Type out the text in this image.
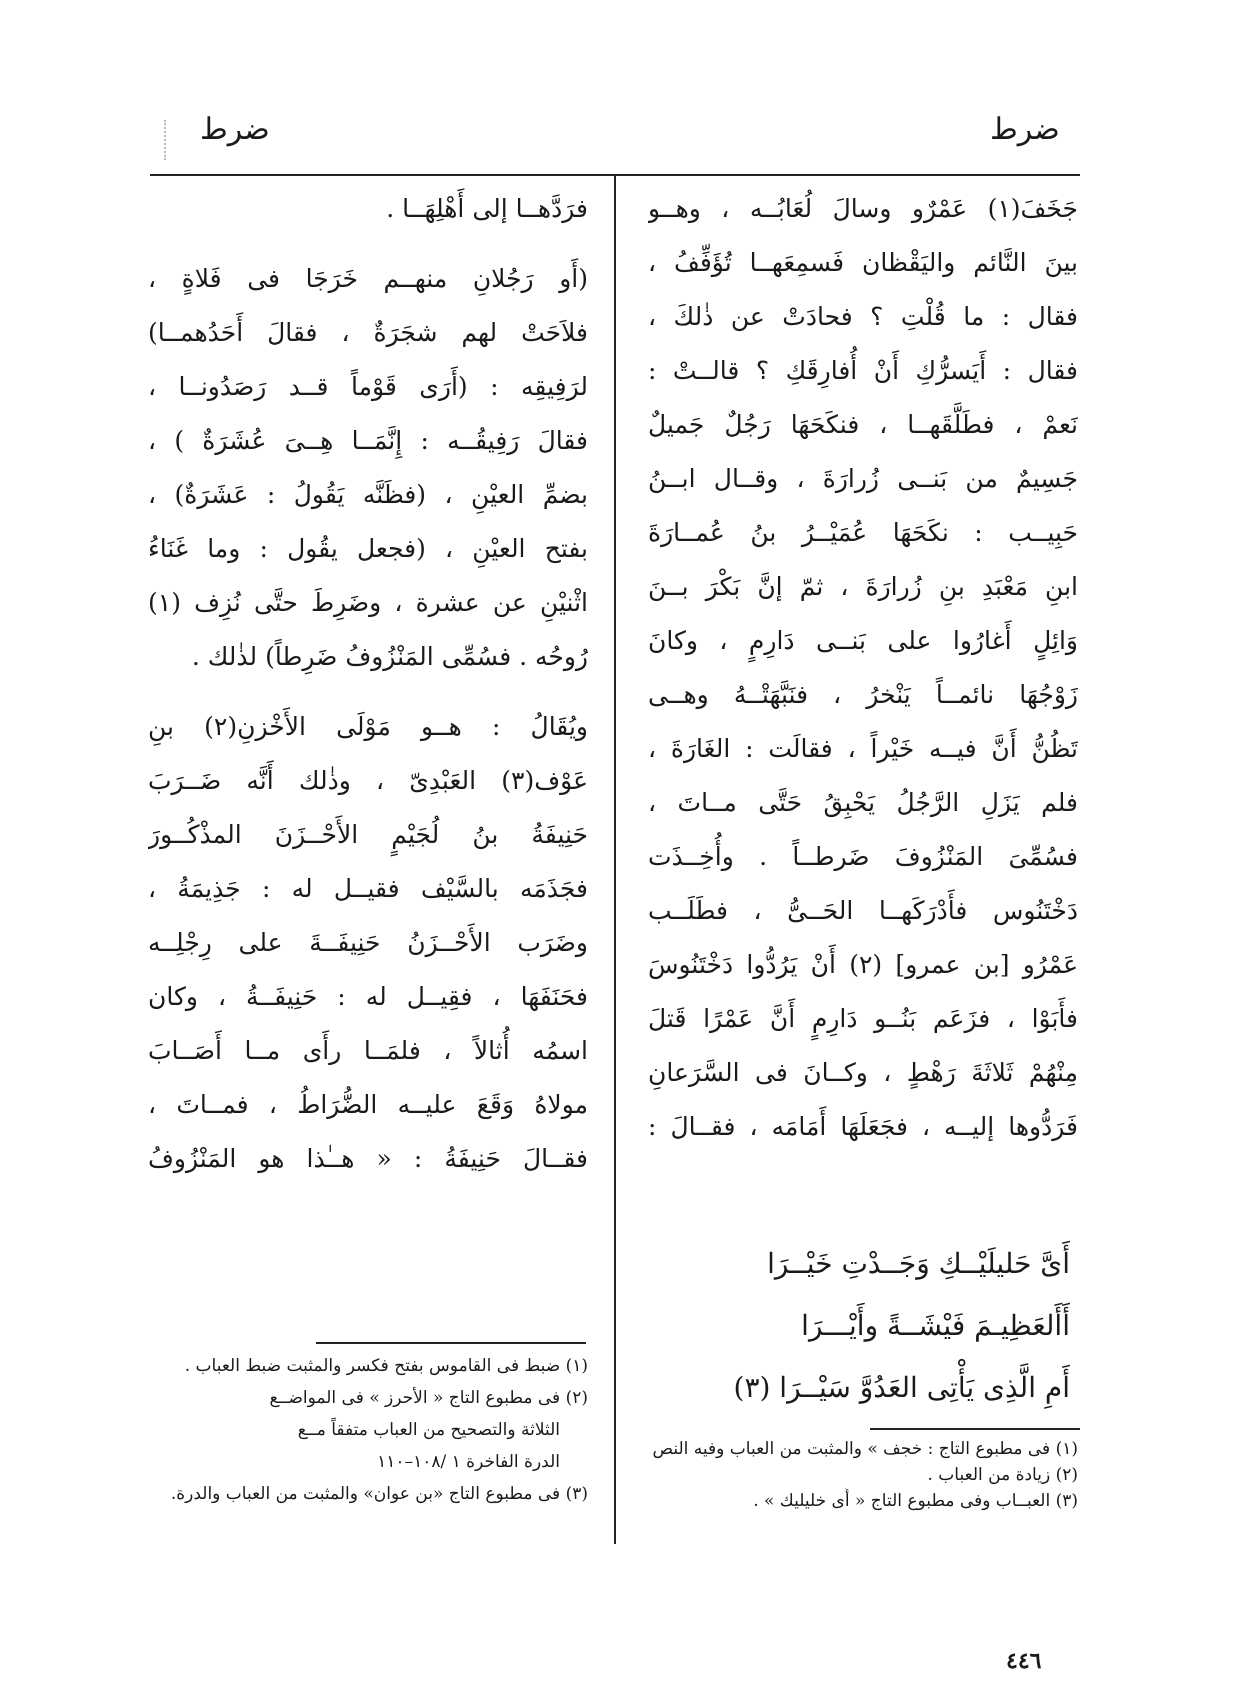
ضرط
ضرط
جَخَفَ(١) عَمْرٌو وسالَ لُعَابُــه ، وهــو
بينَ النَّائم واليَقْظان فَسمِعَهــا تُؤَفِّفُ ،
فقال : ما قُلْتِ ؟ فحادَتْ عن ذٰلكَ ،
فقال : أَيَسرُّكِ أَنْ أُفارِقَكِ ؟ قالــتْ :
نَعمْ ، فطَلَّقَهــا ، فنكَحَهَا رَجُلٌ جَميلٌ
جَسِيمٌ من بَنــى زُرارَةَ ، وقــال ابــنُ
حَبِيــب : نكَحَهَا عُمَيْــرُ بنُ عُمــارَةَ
ابنِ مَعْبَدِ بنِ زُرارَةَ ، ثمّ إنَّ بَكْرَ بــنَ
وَائِلٍ أَغارُوا على بَنــى دَارِمٍ ، وكانَ
زَوْجُهَا نائمــاً يَنْخرُ ، فنَبَّهَتْــهُ وهــى
تَظُنُّ أَنَّ فيــه خَيْراً ، فقالَت : الغَارَةَ ،
فلم يَزَلِ الرَّجُلُ يَحْبِقُ حَتَّى مــاتَ ،
فسُمِّىَ المَنْزُوفَ ضَرطــاً . وأُخِــذَت
دَخْتَنُوس فأَدْرَكَهــا الحَــىُّ ، فطَلَــب
عَمْرُو [بن عمرو] (٢) أَنْ يَرُدُّوا دَخْتَنُوسَ
فأَبَوْا ، فزَعَم بَنُــو دَارِمٍ أَنَّ عَمْرًا قَتلَ
مِنْهُمْ ثَلاثَةَ رَهْطٍ ، وكــانَ فى السَّرَعانِ
فَرَدُّوها إليــه ، فجَعَلَهَا أَمَامَه ، فقــالَ :
أَىَّ حَليلَيْــكِ وَجَــدْتِ خَيْــرَا
أَأَلعَظِيـمَ فَيْشَــةً وأَيْـــرَا
أَمِ الَّذِى يَأْتِى العَدُوَّ سَيْــرَا (٣)
فرَدَّهــا إلى أَهْلِهَــا .
(أَو رَجُلانِ منهــم خَرَجَا فى فَلاةٍ ،
فلاَحَتْ لهم شجَرَةٌ ، فقالَ أَحَدُهمــا)
لرَفِيقِه : (أَرَى قَوْماً قــد رَصَدُونــا ،
فقالَ رَفِيقُــه : إِنَّمَــا هِــىَ عُشَرَةٌ ) ،
بضمِّ العيْنِ ، (فظَنَّه يَقُولُ : عَشَرَةٌ) ،
بفتح العيْنِ ، (فجعل يقُول : وما غَنَاءُ
اثْنيْنِ عن عشرة ، وضَرِطَ حتَّى نُزِف (١)
رُوحُه . فسُمِّى المَنْزُوفُ ضَرِطاً) لذٰلك .
ويُقَالُ : هــو مَوْلَى الأَخْزنِ(٢) بنِ
عَوْف(٣) العَبْدِىّ ، وذٰلك أَنَّه ضَــرَبَ
حَنِيفَةُ بنُ لُجَيْمٍ الأَحْــزَنَ المذْكُــورَ
فجَذَمَه بالسَّيْف فقيــل له : جَذِيمَةُ ،
وضَرَب الأَحْــزَنُ حَنِيفَــةَ على رِجْلِــه
فحَنَفَهَا ، فقِيــل له : حَنِيفَــةُ ، وكان
اسمُه أُثالاً ، فلمَــا رأَى مــا أَصَــابَ
مولاهُ وَقَعَ عليــه الضُّرَاطُ ، فمــاتَ ،
فقــالَ حَنِيفَةُ : « هــٰذا هو المَنْزُوفُ
(١) ضبط فى القاموس بفتح فكسر والمثبت ضبط العباب .
(٢) فى مطبوع التاج « الأحرز » فى المواضــع
الثلاثة والتصحيح من العباب متفقاً مــع
الدرة الفاخرة ١ /١٠٨–١١٠
(٣) فى مطبوع التاج «بن عوان» والمثبت من العباب والدرة.
(١) فى مطبوع التاج : خجف » والمثبت من العباب وفيه النص
(٢) زيادة من العباب .
(٣) العبــاب وفى مطبوع التاج « أَى خليليك » .
٤٤٦
